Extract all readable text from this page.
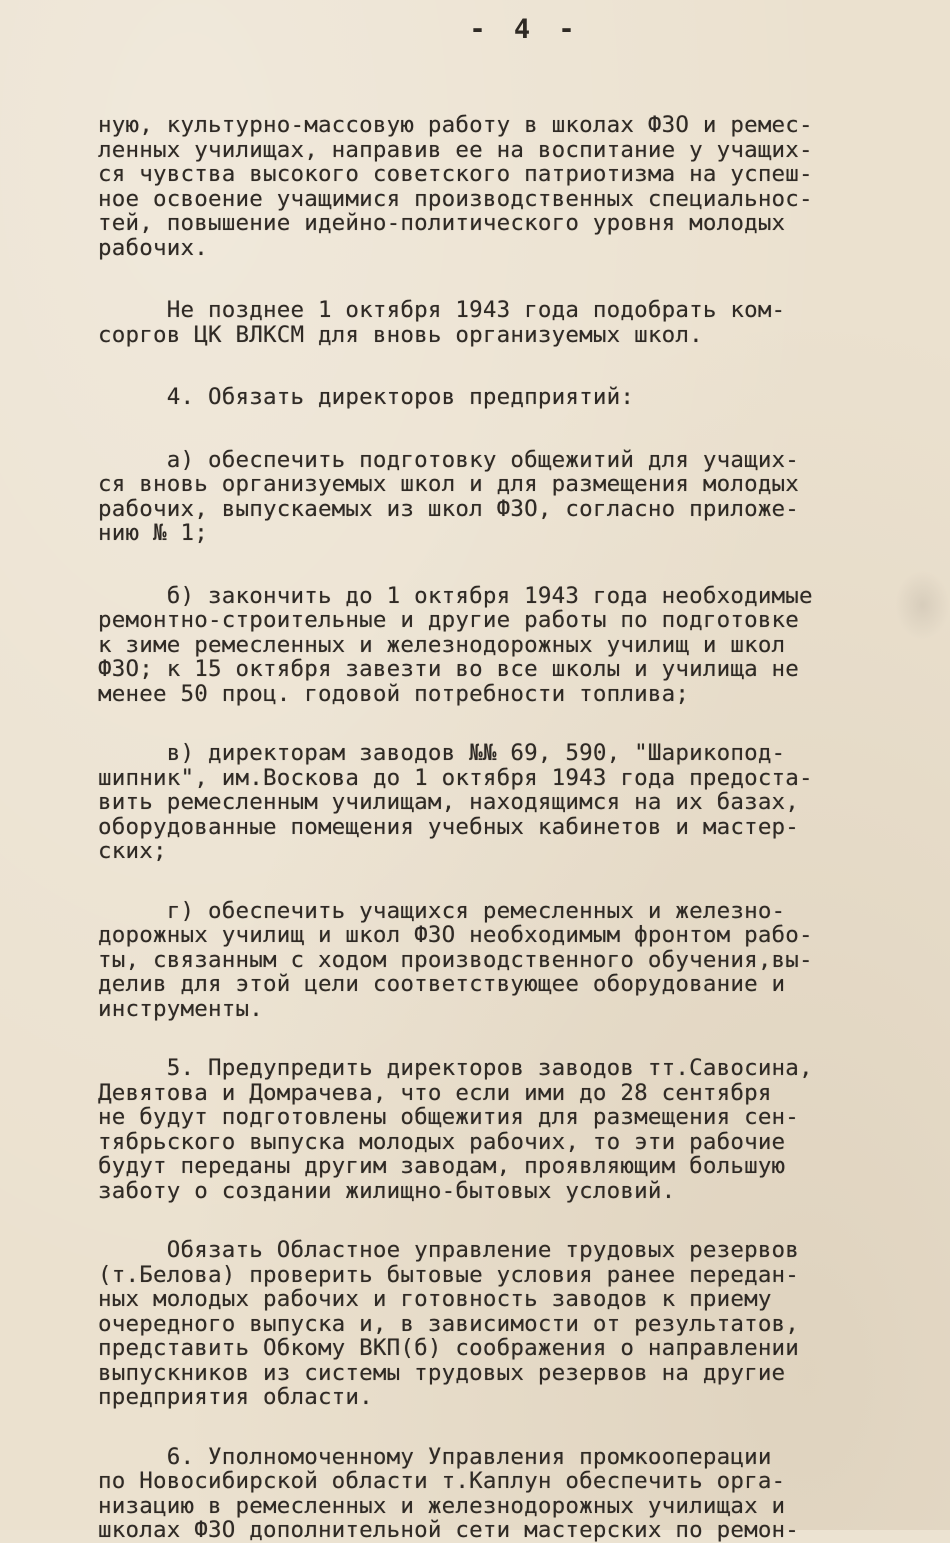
- 4 -

ную, культурно-массовую работу в школах ФЗО и ремес-
ленных училищах, направив ее на воспитание у учащих-
ся чувства высокого советского патриотизма на успеш-
ное освоение учащимися производственных специальнос-
тей, повышение идейно-политического уровня молодых
рабочих.

Не позднее 1 октября 1943 года подобрать ком-
соргов ЦК ВЛКСМ для вновь организуемых школ.

4. Обязать директоров предприятий:

а) обеспечить подготовку общежитий для учащих-
ся вновь организуемых школ и для размещения молодых
рабочих, выпускаемых из школ ФЗО, согласно приложе-
нию № 1;

б) закончить до 1 октября 1943 года необходимые
ремонтно-строительные и другие работы по подготовке
к зиме ремесленных и железнодорожных училищ и школ
ФЗО; к 15 октября завезти во все школы и училища не
менее 50 проц. годовой потребности топлива;

в) директорам заводов №№ 69, 590, "Шарикопод-
шипник", им.Воскова до 1 октября 1943 года предоста-
вить ремесленным училищам, находящимся на их базах,
оборудованные помещения учебных кабинетов и мастер-
ских;

г) обеспечить учащихся ремесленных и железно-
дорожных училищ и школ ФЗО необходимым фронтом рабо-
ты, связанным с ходом производственного обучения,вы-
делив для этой цели соответствующее оборудование и
инструменты.

5. Предупредить директоров заводов тт.Савосина,
Девятова и Домрачева, что если ими до 28 сентября
не будут подготовлены общежития для размещения сен-
тябрьского выпуска молодых рабочих, то эти рабочие
будут переданы другим заводам, проявляющим большую
заботу о создании жилищно-бытовых условий.

Обязать Областное управление трудовых резервов
(т.Белова) проверить бытовые условия ранее передан-
ных молодых рабочих и готовность заводов к приему
очередного выпуска и, в зависимости от результатов,
представить Обкому ВКП(б) соображения о направлении
выпускников из системы трудовых резервов на другие
предприятия области.

6. Уполномоченному Управления промкооперации
по Новосибирской области т.Каплун обеспечить орга-
низацию в ремесленных и железнодорожных училищах и
школах ФЗО дополнительной сети мастерских по ремон-
